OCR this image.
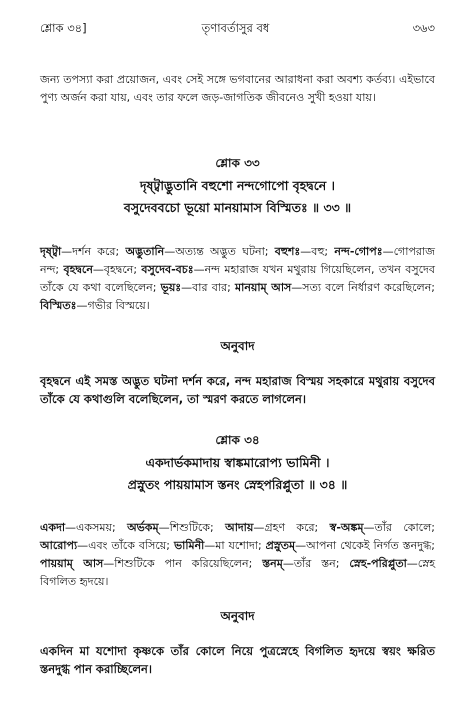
শ্লোক ৩৪]	তৃণাবর্তাসুর বধ	৩৬৩

জন্য তপস্যা করা প্রয়োজন, এবং সেই সঙ্গে ভগবানের আরাধনা করা অবশ্য কর্তব্য। এইভাবে পুণ্য অর্জন করা যায়, এবং তার ফলে জড়-জাগতিক জীবনেও সুখী হওয়া যায়।

শ্লোক ৩৩
দৃষ্ট্বাদ্ভুতানি বহুশো নন্দগোপো বৃহদ্বনে ।
বসুদেববচো ভূয়ো মানয়ামাস বিস্মিতঃ ॥ ৩৩ ॥

দৃষ্ট্বা—দর্শন করে; অদ্ভুতানি—অত্যন্ত অদ্ভুত ঘটনা; বহুশঃ—বহু; নন্দ-গোপঃ—গোপরাজ নন্দ; বৃহদ্বনে—বৃহদ্বনে; বসুদেব-বচঃ—নন্দ মহারাজ যখন মথুরায় গিয়েছিলেন, তখন বসুদেব তাঁকে যে কথা বলেছিলেন; ভূয়ঃ—বার বার; মানয়াম্ আস—সত্য বলে নির্ধারণ করেছিলেন; বিস্মিতঃ—গভীর বিস্ময়ে।

অনুবাদ

বৃহদ্বনে এই সমস্ত অদ্ভুত ঘটনা দর্শন করে, নন্দ মহারাজ বিস্ময় সহকারে মথুরায় বসুদেব তাঁকে যে কথাগুলি বলেছিলেন, তা স্মরণ করতে লাগলেন।

শ্লোক ৩৪
একদার্ভকমাদায় স্বাঙ্কমারোপ্য ভামিনী ।
প্রস্নুতং পায়য়ামাস স্তনং স্নেহপরিপ্লুতা ॥ ৩৪ ॥

একদা—একসময়; অর্ভকম্—শিশুটিকে; আদায়—গ্রহণ করে; স্ব-অঙ্কম্—তাঁর কোলে; আরোপ্য—এবং তাঁকে বসিয়ে; ভামিনী—মা যশোদা; প্রস্নুতম্—আপনা থেকেই নির্গত স্তনদুগ্ধ; পায়য়াম্ আস—শিশুটিকে পান করিয়েছিলেন; স্তনম্—তাঁর স্তন; স্নেহ-পরিপ্লুতা—স্নেহ বিগলিত হৃদয়ে।

অনুবাদ

একদিন মা যশোদা কৃষ্ণকে তাঁর কোলে নিয়ে পুত্রস্নেহে বিগলিত হৃদয়ে স্বয়ং ক্ষরিত স্তনদুগ্ধ পান করাচ্ছিলেন।
